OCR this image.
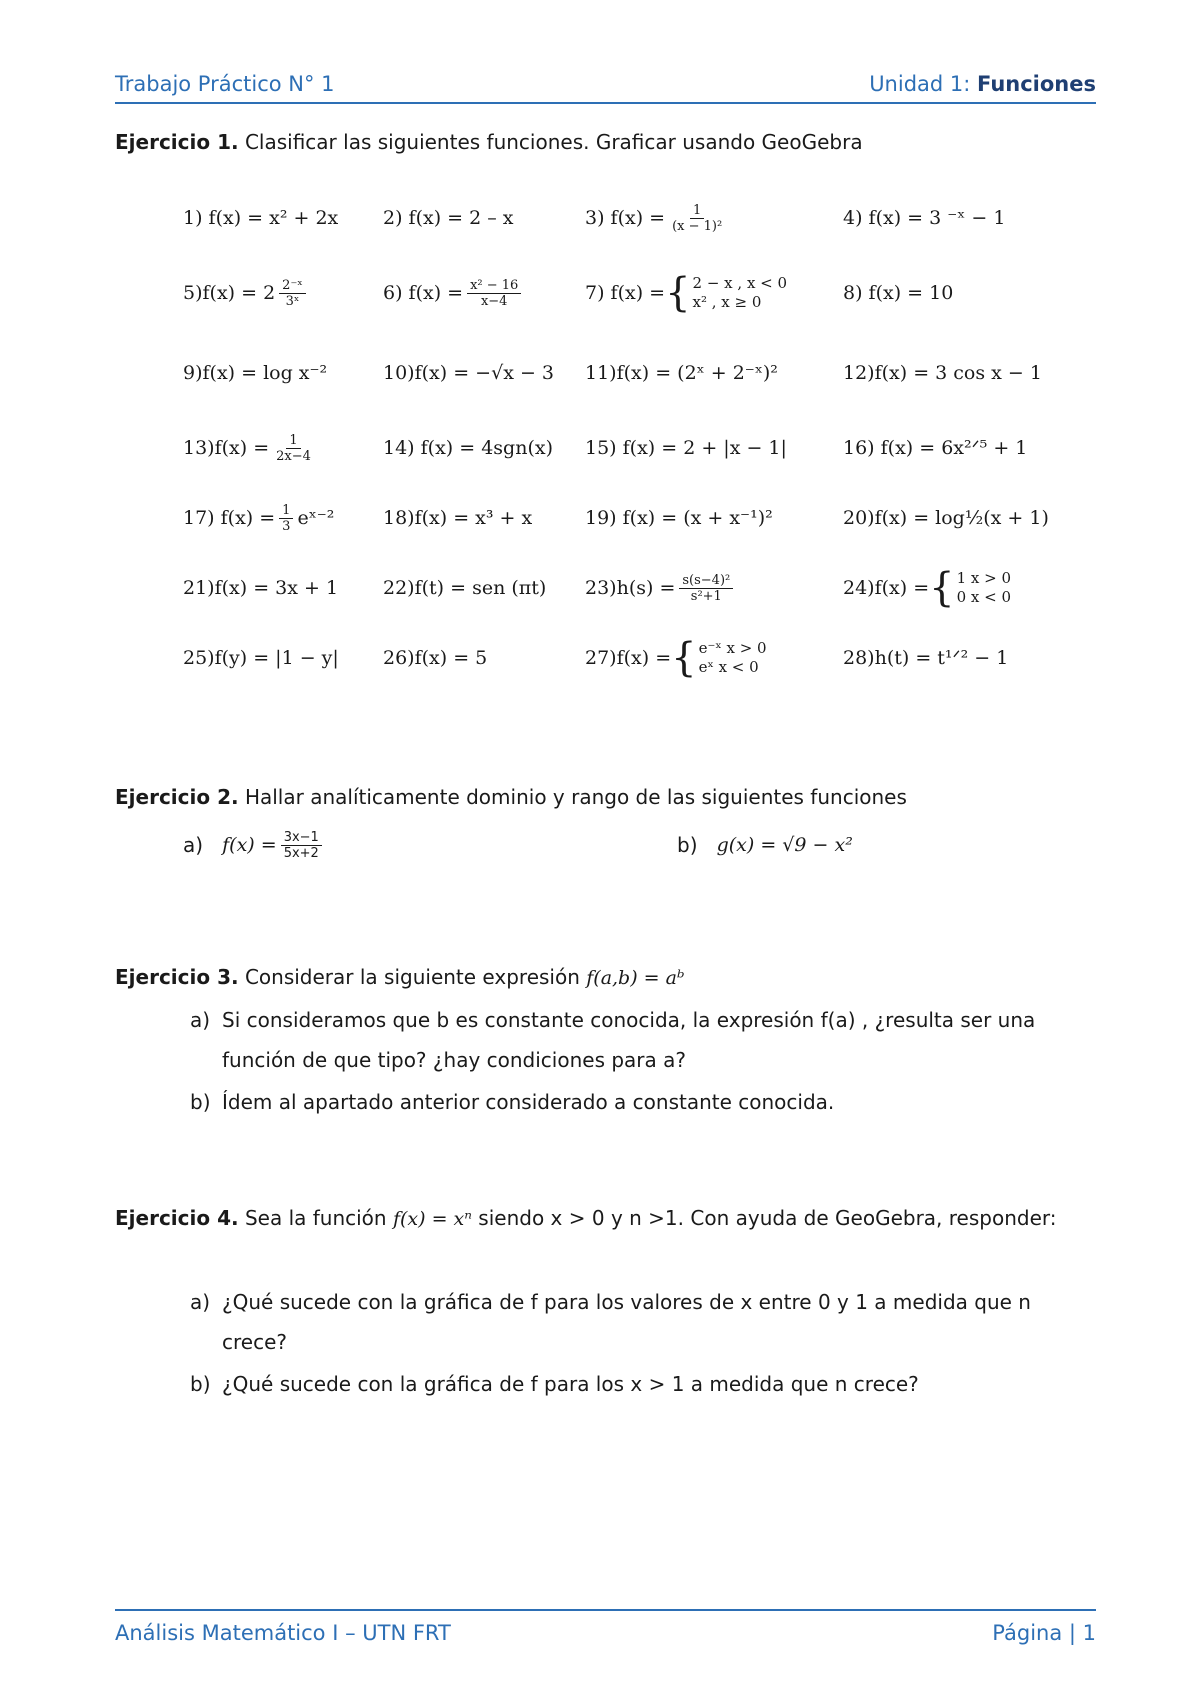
Trabajo Práctico N° 1	Unidad 1: Funciones
Ejercicio 1. Clasificar las siguientes funciones. Graficar usando GeoGebra
1) f(x) = x² + 2x 2) f(x) = 2 – x	3) $f(x) = \frac{1}{\text{(x − 1)²}}$	4) f(x) = 3 ⁻ˣ − 1
$5)f(x) = 2 \frac{\text{2⁻ˣ}}{\text{3ˣ}}$	6) $f(x) = \frac{\text{x² − 16}}{x-4}$	7) f(x) = { 2 − x , x < 0
x² , x ≥ 0	8) f(x) = 10
9)f(x) = log x⁻²	10)f(x) = −√x − 3 11)f(x) = (2ˣ + 2⁻ˣ)²	12)f(x) = 3 cos x − 1
$13)f(x) = \frac{1}{2x-4}$	14) f(x) = 4sgn(x) 15) f(x) = 2 + |x − 1|	16) f(x) = 6x²ᐟ⁵ + 1
17) $f(x) = \frac{1}{3}$ eˣ⁻²	18)f(x) = x³ + x	19) f(x) = (x + x⁻¹)²	20)f(x) = log½(x + 1)
21)f(x) = 3x + 1 22)f(t) = sen (πt) $23)h(s) = \frac{\text{s(s−4)²}}{\text{s²+1}}$	24)f(x) = { 1 x > 0
0 x < 0
25)f(y) = |1 − y| 26)f(x) = 5	27)f(x) = { e⁻ˣ x > 0
eˣ x < 0	28)h(t) = t¹ᐟ² − 1
Ejercicio 2. Hallar analíticamente dominio y rango de las siguientes funciones
a)
$f(x) = \frac{3x-1}{5x+2}$	b)
g(x) = √9 − x²
Ejercicio 3. Considerar la siguiente expresión f(a,b) = aᵇ
a) Si consideramos que b es constante conocida, la expresión f(a) , ¿resulta ser una función de que tipo? ¿hay condiciones para a?
b) Ídem al apartado anterior considerado a constante conocida.
Ejercicio 4. Sea la función f(x) = xⁿ siendo x > 0 y n >1. Con ayuda de GeoGebra, responder:
a) ¿Qué sucede con la gráfica de f para los valores de x entre 0 y 1 a medida que n crece?
b) ¿Qué sucede con la gráfica de f para los x > 1 a medida que n crece?
Análisis Matemático I – UTN FRT	Página | 1
